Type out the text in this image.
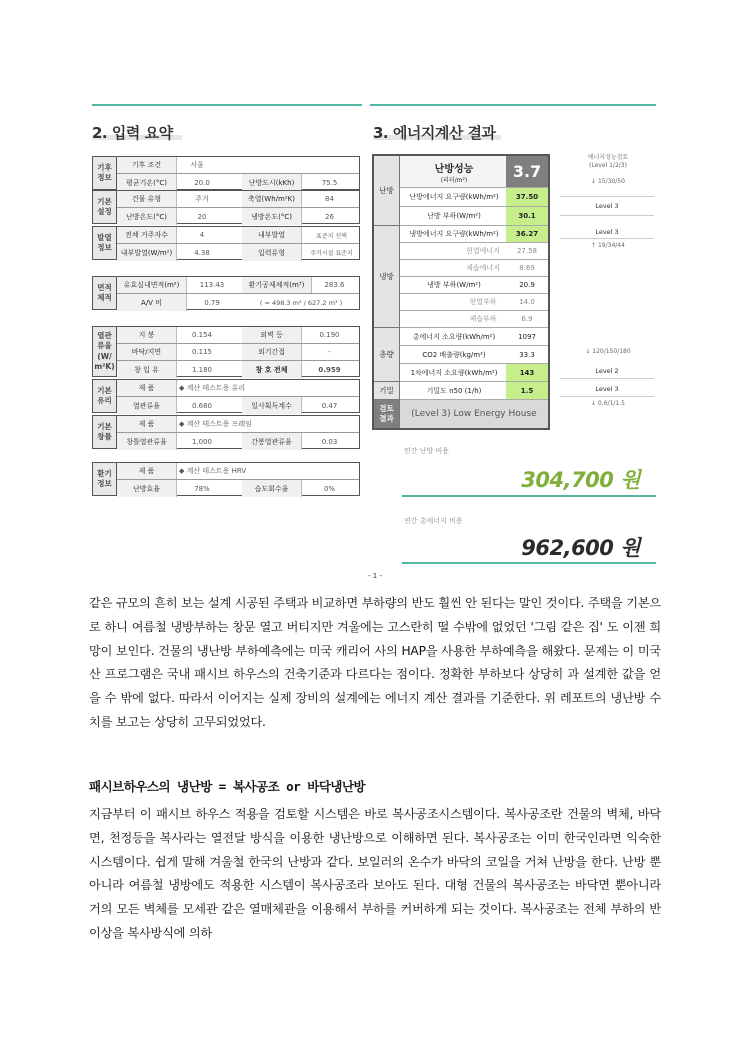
2. 입력 요약	3. 에너지계산 결과
기후
정보
기후 조건	서울
평균기온(°C)	20.0	난방도시(kKh)	75.5
기본
설정
건물 유형	주거	축열(Wh/m²K)	84
난방온도(°C)	20	냉방온도(°C)	26
발열
정보
전체 거주자수	4	내부발열	표준치 선택
내부발열(W/m²)	4.38	입력유형	주거시설 표준치
면적
체적
유효실내면적(m²)	113.43	환기공제체적(m³)	283.6
A/V 비	0.79	( = 498.3 m² / 627.2 m³ )
열관
류율
(W/
m²K)
지 붕	0.154	외벽 등	0.190
바닥/지면	0.115	외기간접	-
창 입 유	1.180	창 호 전체	0.959
기본
유리
제 품	◆ 계산 테스트용 유리
열관류율	0.680	일사획득계수	0.47
기본
창틀
제 품	◆ 계산 테스트용 프레임
창틀열관류율	1.000	간봉열관류율	0.03
환기
정보
제 품	◆ 계산 테스트용 HRV
난방효율	78%	습도회수율	0%
난방
난방성능
(리터/m²)	3.7
난방에너지 요구량(kWh/m²)	37.50
난방 부하(W/m²)	30.1
냉방
냉방에너지 요구량(kWh/m²)	36.27
현열에너지	27.58
제습에너지	8.69
냉방 부하(W/m²)	20.9
현열부하	14.0
제습부하	6.9
총량
총에너지 소요량(kWh/m²)	1097
CO2 배출량(kg/m²)	33.3
1차에너지 소요량(kWh/m²)	143
기밀	기밀도 n50 (1/h)	1.5
검토
결과	(Level 3) Low Energy House
에너지성능검토
(Level 1/2/3)
↓ 15/30/50
Level 3
Level 3
↑ 19/34/44
↓ 120/150/180
Level 2
Level 3
↓ 0.6/1/1.5
연간 난방 비용
304,700 원
연간 총에너지 비용
962,600 원
- 1 -
같은 규모의 흔히 보는 설계 시공된 주택과 비교하면 부하량의 반도 훨씬 안 된다는 말인 것이다. 주택을 기본으로 하니 여름철 냉방부하는 창문 열고 버티지만 겨울에는 고스란히 떨 수밖에 없었던 '그림 같은 집' 도 이젠 희망이 보인다. 건물의 냉난방 부하예측에는 미국 캐리어 사의 HAP을 사용한 부하예측을 해왔다. 문제는 이 미국산 프로그램은 국내 패시브 하우스의 건축기준과 다르다는 점이다. 정확한 부하보다 상당히 과 설계한 값을 얻을 수 밖에 없다. 따라서 이어지는 실제 장비의 설계에는 에너지 계산 결과를 기준한다. 위 레포트의 냉난방 수치를 보고는 상당히 고무되었었다.
패시브하우스의 냉난방 = 복사공조 or 바닥냉난방
지금부터 이 패시브 하우스 적용을 검토할 시스템은 바로 복사공조시스템이다. 복사공조란 건물의 벽체, 바닥면, 천정등을 복사라는 열전달 방식을 이용한 냉난방으로 이해하면 된다. 복사공조는 이미 한국인라면 익숙한 시스템이다. 쉽게 말해 겨울철 한국의 난방과 같다. 보일러의 온수가 바닥의 코일을 거쳐 난방을 한다. 난방 뿐 아니라 여름철 냉방에도 적용한 시스템이 복사공조라 보아도 된다. 대형 건물의 복사공조는 바닥면 뿐아니라 거의 모든 벽체를 모세관 같은 열매체관을 이용해서 부하를 커버하게 되는 것이다. 복사공조는 전체 부하의 반 이상을 복사방식에 의하
